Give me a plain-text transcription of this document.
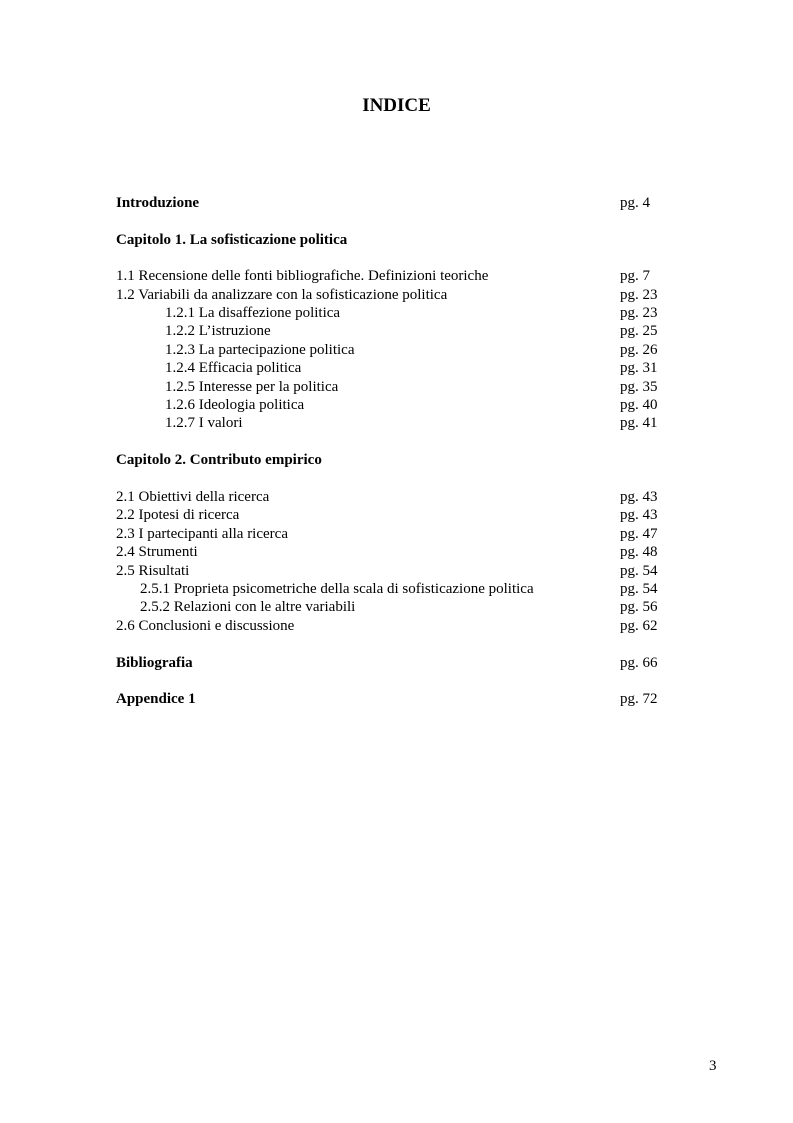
INDICE
Introduzione	pg. 4
Capitolo 1. La sofisticazione politica
1.1 Recensione delle fonti bibliografiche. Definizioni teoriche	pg. 7
1.2 Variabili da analizzare con la sofisticazione politica	pg. 23
1.2.1 La disaffezione politica	pg. 23
1.2.2 L’istruzione	pg. 25
1.2.3 La partecipazione politica	pg. 26
1.2.4 Efficacia politica	pg. 31
1.2.5 Interesse per la politica	pg. 35
1.2.6 Ideologia politica	pg. 40
1.2.7 I valori	pg. 41
Capitolo 2. Contributo empirico
2.1 Obiettivi della ricerca	pg. 43
2.2 Ipotesi di ricerca	pg. 43
2.3 I partecipanti alla ricerca	pg. 47
2.4 Strumenti	pg. 48
2.5 Risultati	pg. 54
2.5.1 Proprieta psicometriche della scala di sofisticazione politica	pg. 54
2.5.2 Relazioni con le altre variabili	pg. 56
2.6 Conclusioni e discussione	pg. 62
Bibliografia	pg. 66
Appendice 1	pg. 72
3
